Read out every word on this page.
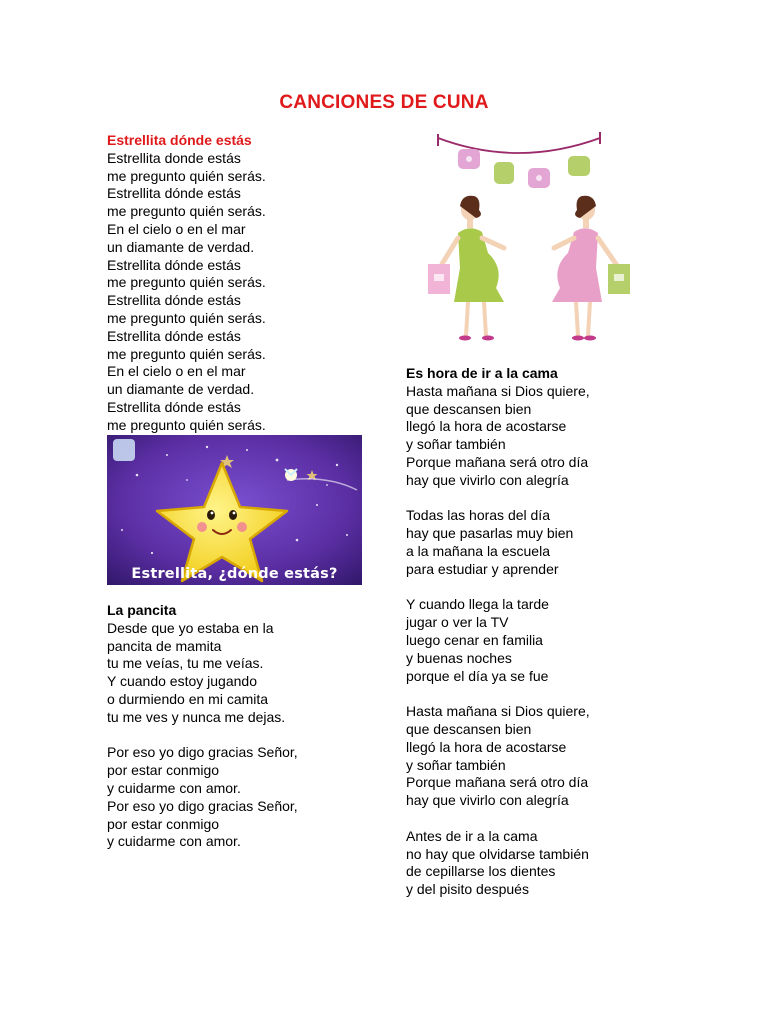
CANCIONES DE CUNA
Estrellita dónde estás
Estrellita donde estás
me pregunto quién serás.
Estrellita dónde estás
me pregunto quién serás.
En el cielo o en el mar
un diamante de verdad.
Estrellita dónde estás
me pregunto quién serás.
Estrellita dónde estás
me pregunto quién serás.
Estrellita dónde estás
me pregunto quién serás.
En el cielo o en el mar
un diamante de verdad.
Estrellita dónde estás
me pregunto quién serás.
Estrellita, ¿dónde estás?
La pancita
Desde que yo estaba en la
pancita de mamita
tu me veías, tu me veías.
Y cuando estoy jugando
o durmiendo en mi camita
tu me ves y nunca me dejas.
Por eso yo digo gracias Señor,
por estar conmigo
y cuidarme con amor.
Por eso yo digo gracias Señor,
por estar conmigo
y cuidarme con amor.
Es hora de ir a la cama
Hasta mañana si Dios quiere,
que descansen bien
llegó la hora de acostarse
y soñar también
Porque mañana será otro día
hay que vivirlo con alegría
Todas las horas del día
hay que pasarlas muy bien
a la mañana la escuela
para estudiar y aprender
Y cuando llega la tarde
jugar o ver la TV
luego cenar en familia
y buenas noches
porque el día ya se fue
Hasta mañana si Dios quiere,
que descansen bien
llegó la hora de acostarse
y soñar también
Porque mañana será otro día
hay que vivirlo con alegría
Antes de ir a la cama
no hay que olvidarse también
de cepillarse los dientes
y del pisito después
